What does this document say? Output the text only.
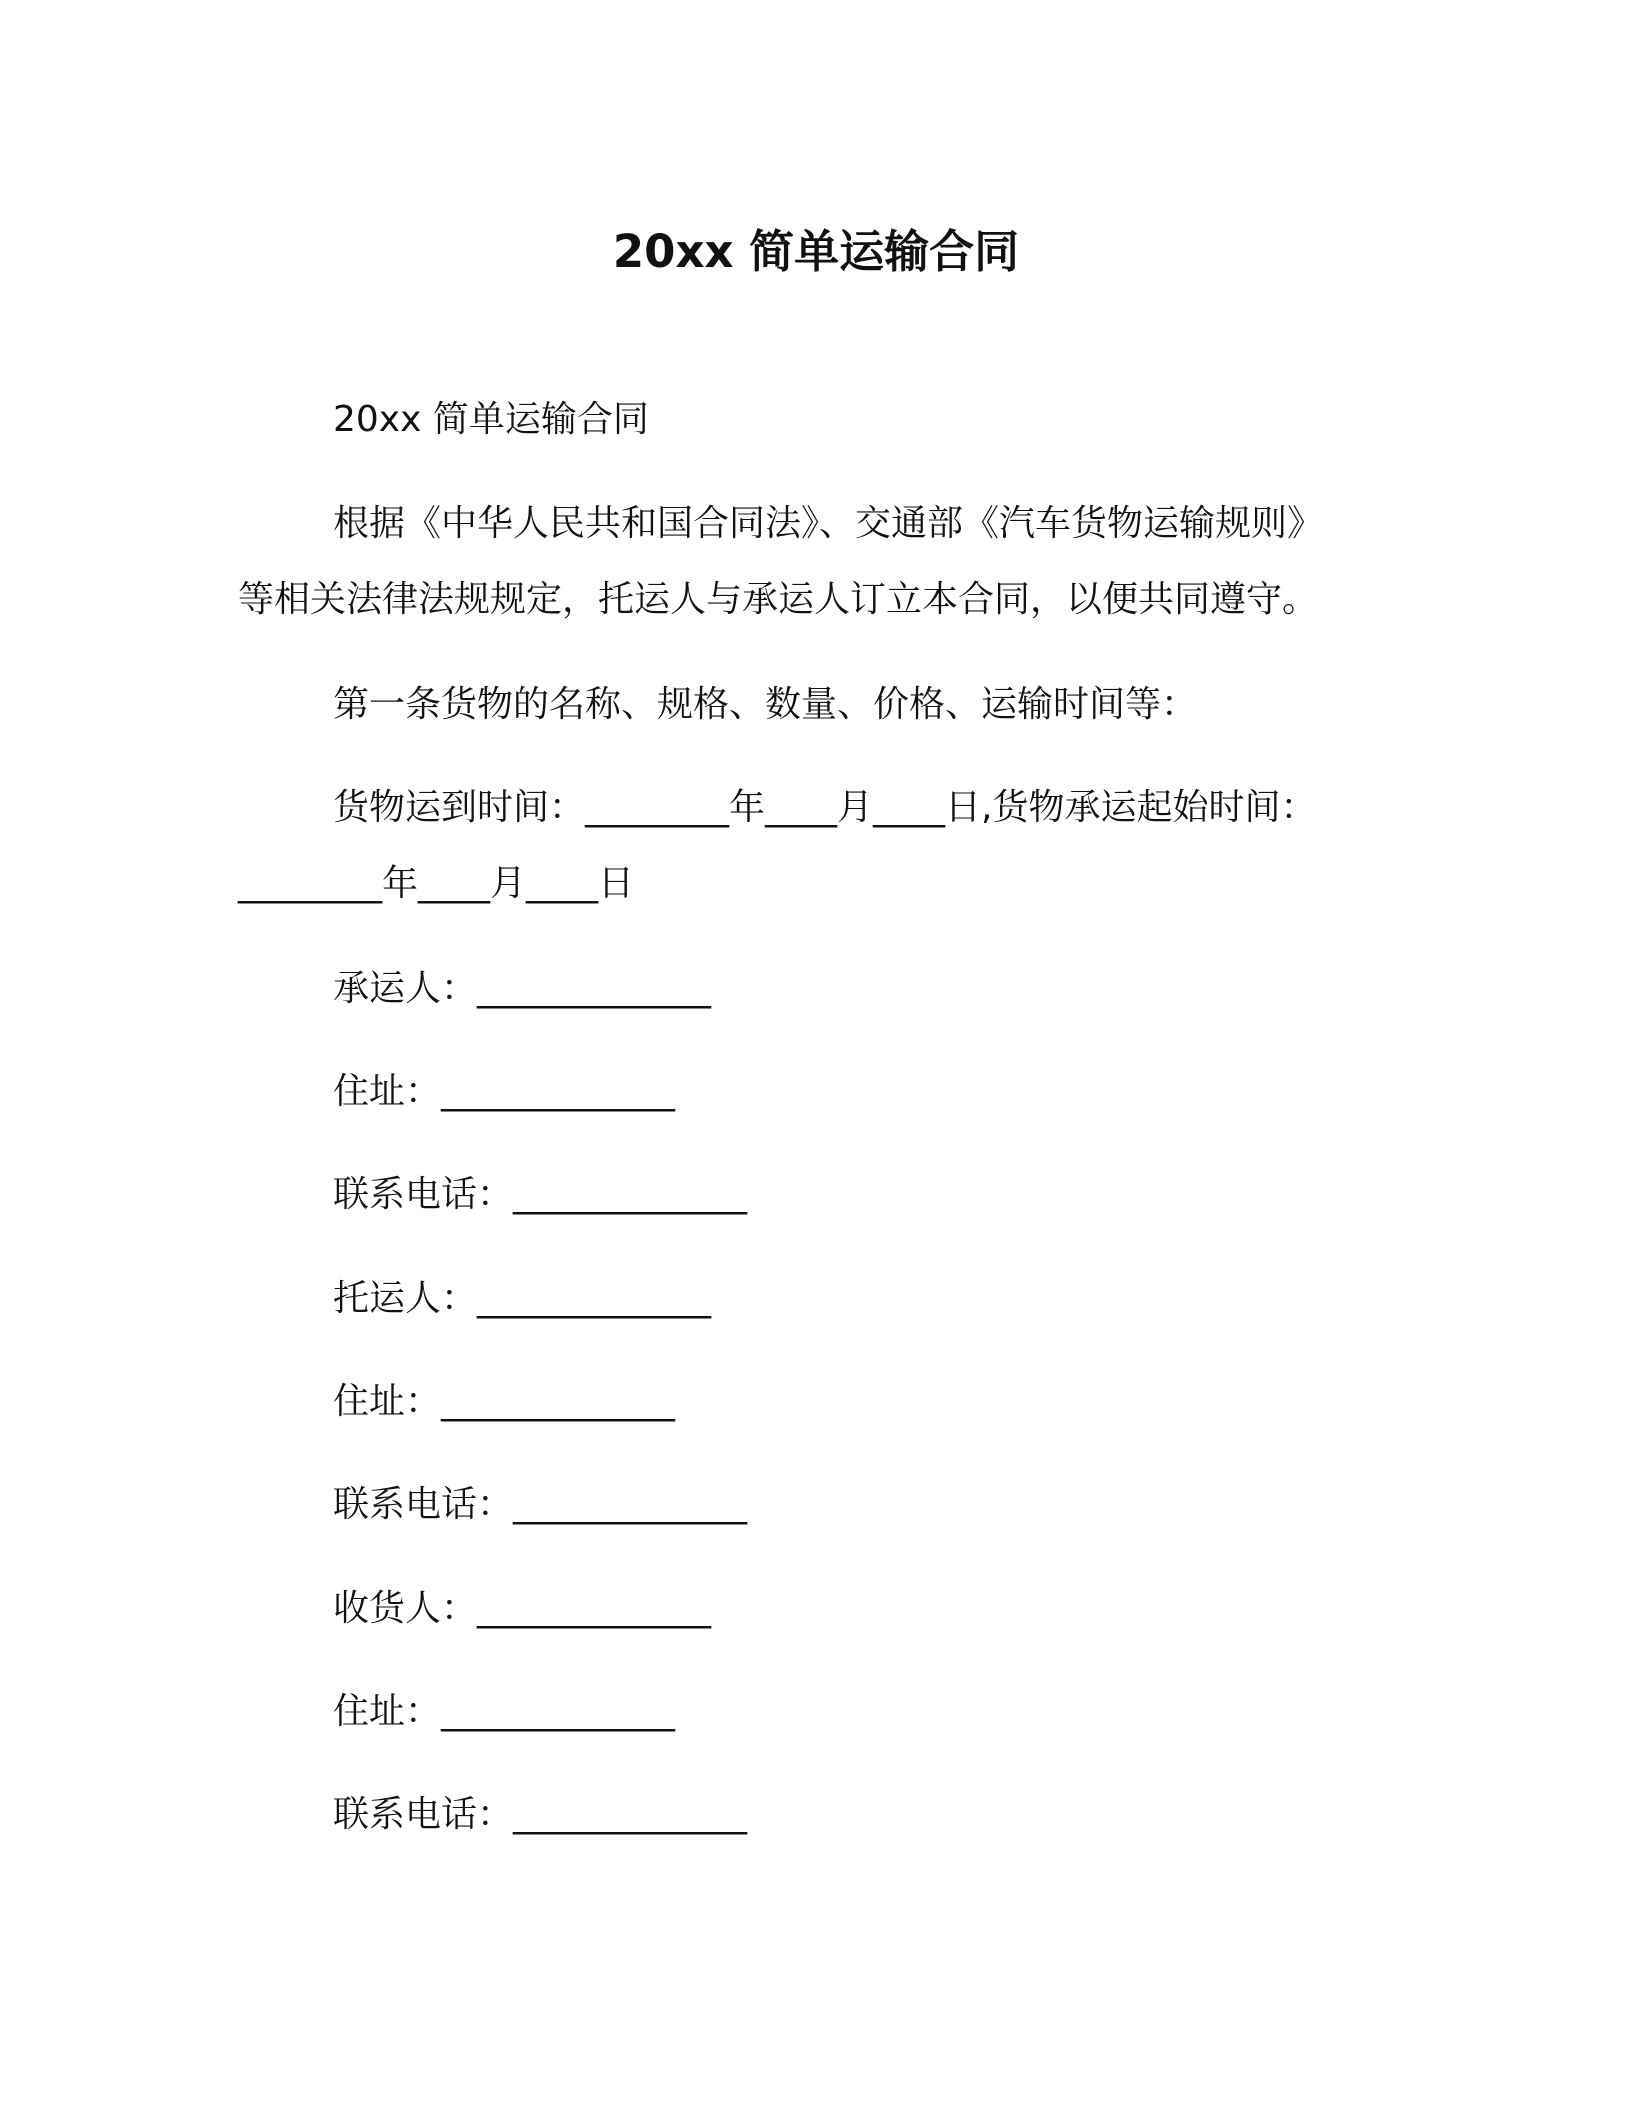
20xx 简单运输合同
20xx 简单运输合同
根据《中华人民共和国合同法》、交通部《汽车货物运输规则》
等相关法律法规规定，托运人与承运人订立本合同，以便共同遵守。
第一条货物的名称、规格、数量、价格、运输时间等：
货物运到时间：________年____月____日,货物承运起始时间：
________年____月____日
承运人：_____________
住址：_____________
联系电话：_____________
托运人：_____________
住址：_____________
联系电话：_____________
收货人：_____________
住址：_____________
联系电话：_____________
